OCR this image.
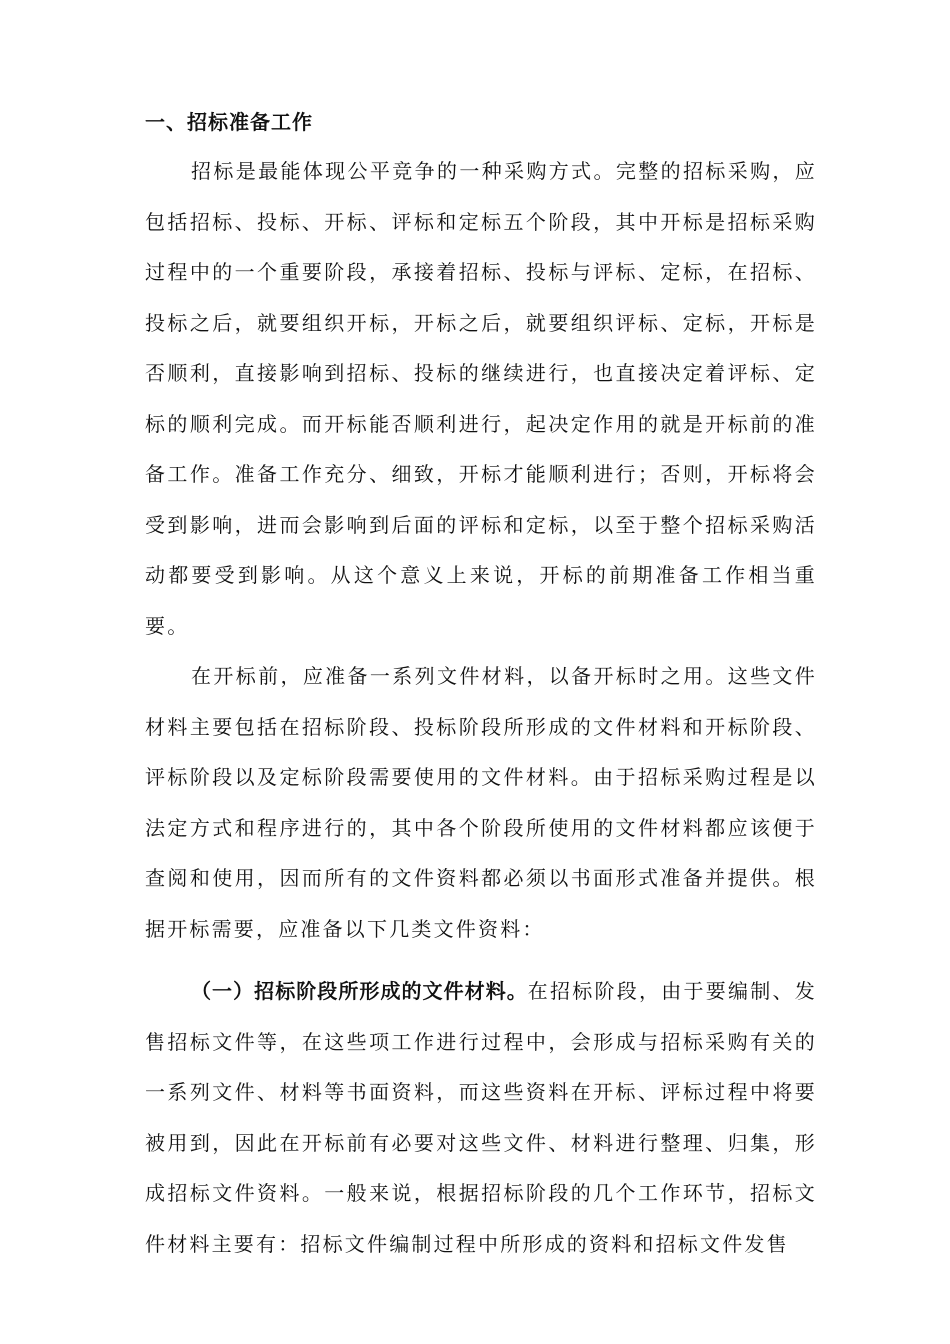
一、招标准备工作

招标是最能体现公平竞争的一种采购方式。完整的招标采购，应包括招标、投标、开标、评标和定标五个阶段，其中开标是招标采购过程中的一个重要阶段，承接着招标、投标与评标、定标，在招标、投标之后，就要组织开标，开标之后，就要组织评标、定标，开标是否顺利，直接影响到招标、投标的继续进行，也直接决定着评标、定标的顺利完成。而开标能否顺利进行，起决定作用的就是开标前的准备工作。准备工作充分、细致，开标才能顺利进行；否则，开标将会受到影响，进而会影响到后面的评标和定标，以至于整个招标采购活动都要受到影响。从这个意义上来说，开标的前期准备工作相当重要。

在开标前，应准备一系列文件材料，以备开标时之用。这些文件材料主要包括在招标阶段、投标阶段所形成的文件材料和开标阶段、评标阶段以及定标阶段需要使用的文件材料。由于招标采购过程是以法定方式和程序进行的，其中各个阶段所使用的文件材料都应该便于查阅和使用，因而所有的文件资料都必须以书面形式准备并提供。根据开标需要，应准备以下几类文件资料：

（一）招标阶段所形成的文件材料。在招标阶段，由于要编制、发售招标文件等，在这些项工作进行过程中，会形成与招标采购有关的一系列文件、材料等书面资料，而这些资料在开标、评标过程中将要被用到，因此在开标前有必要对这些文件、材料进行整理、归集，形成招标文件资料。一般来说，根据招标阶段的几个工作环节，招标文件材料主要有：招标文件编制过程中所形成的资料和招标文件发售
